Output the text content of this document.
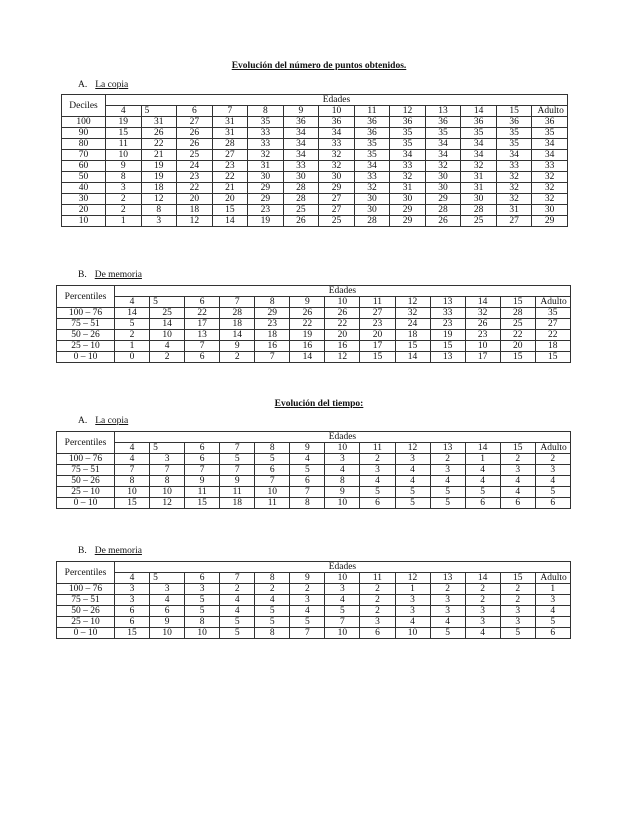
Evolución del número de puntos obtenidos.
A. La copia
Deciles	Edades												
	4	5	6	7	8	9	10	11	12	13	14	15	Adulto
100	19	31	27	31	35	36	36	36	36	36	36	36	36
90	15	26	26	31	33	34	34	36	35	35	35	35	35
80	11	22	26	28	33	34	33	35	35	34	34	35	34
70	10	21	25	27	32	34	32	35	34	34	34	34	34
60	9	19	24	23	31	33	32	34	33	32	32	33	33
50	8	19	23	22	30	30	30	33	32	30	31	32	32
40	3	18	22	21	29	28	29	32	31	30	31	32	32
30	2	12	20	20	29	28	27	30	30	29	30	32	32
20	2	8	18	15	23	25	27	30	29	28	28	31	30
10	1	3	12	14	19	26	25	28	29	26	25	27	29
B. De memoria
Percentiles	Edades												
	4	5	6	7	8	9	10	11	12	13	14	15	Adulto
100 – 76	14	25	22	28	29	26	26	27	32	33	32	28	35
75 – 51	5	14	17	18	23	22	22	23	24	23	26	25	27
50 – 26	2	10	13	14	18	19	20	20	18	19	23	22	22
25 – 10	1	4	7	9	16	16	16	17	15	15	10	20	18
0 – 10	0	2	6	2	7	14	12	15	14	13	17	15	15
Evolución del tiempo:
A. La copia
Percentiles	Edades												
	4	5	6	7	8	9	10	11	12	13	14	15	Adulto
100 – 76	4	3	6	5	5	4	3	2	3	2	1	2	2
75 – 51	7	7	7	7	6	5	4	3	4	3	4	3	3
50 – 26	8	8	9	9	7	6	8	4	4	4	4	4	4
25 – 10	10	10	11	11	10	7	9	5	5	5	5	4	5
0 – 10	15	12	15	18	11	8	10	6	5	5	6	6	6
B. De memoria
Percentiles	Edades												
	4	5	6	7	8	9	10	11	12	13	14	15	Adulto
100 – 76	3	3	3	2	2	2	3	2	1	2	2	2	1
75 – 51	3	4	5	4	4	3	4	2	3	3	2	2	3
50 – 26	6	6	5	4	5	4	5	2	3	3	3	3	4
25 – 10	6	9	8	5	5	5	7	3	4	4	3	3	5
0 – 10	15	10	10	5	8	7	10	6	10	5	4	5	6
